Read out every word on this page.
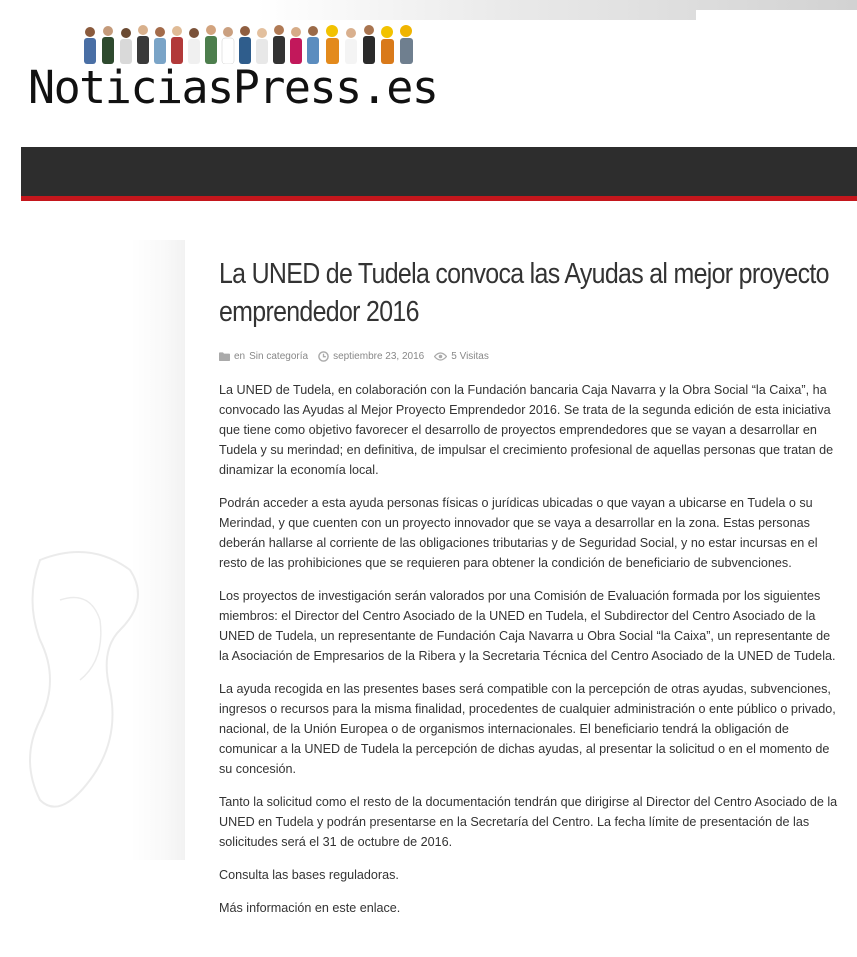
NoticiasPress.es
La UNED de Tudela convoca las Ayudas al mejor proyecto emprendedor 2016
en Sin categoría	septiembre 23, 2016	5 Visitas

La UNED de Tudela, en colaboración con la Fundación bancaria Caja Navarra y la Obra Social “la Caixa”, ha convocado las Ayudas al Mejor Proyecto Emprendedor 2016. Se trata de la segunda edición de esta iniciativa que tiene como objetivo favorecer el desarrollo de proyectos emprendedores que se vayan a desarrollar en Tudela y su merindad; en definitiva, de impulsar el crecimiento profesional de aquellas personas que tratan de dinamizar la economía local.

Podrán acceder a esta ayuda personas físicas o jurídicas ubicadas o que vayan a ubicarse en Tudela o su Merindad, y que cuenten con un proyecto innovador que se vaya a desarrollar en la zona. Estas personas deberán hallarse al corriente de las obligaciones tributarias y de Seguridad Social, y no estar incursas en el resto de las prohibiciones que se requieren para obtener la condición de beneficiario de subvenciones.

Los proyectos de investigación serán valorados por una Comisión de Evaluación formada por los siguientes miembros: el Director del Centro Asociado de la UNED en Tudela, el Subdirector del Centro Asociado de la UNED de Tudela, un representante de Fundación Caja Navarra u Obra Social “la Caixa”, un representante de la Asociación de Empresarios de la Ribera y la Secretaria Técnica del Centro Asociado de la UNED de Tudela.

La ayuda recogida en las presentes bases será compatible con la percepción de otras ayudas, subvenciones, ingresos o recursos para la misma finalidad, procedentes de cualquier administración o ente público o privado, nacional, de la Unión Europea o de organismos internacionales. El beneficiario tendrá la obligación de comunicar a la UNED de Tudela la percepción de dichas ayudas, al presentar la solicitud o en el momento de su concesión.

Tanto la solicitud como el resto de la documentación tendrán que dirigirse al Director del Centro Asociado de la UNED en Tudela y podrán presentarse en la Secretaría del Centro. La fecha límite de presentación de las solicitudes será el 31 de octubre de 2016.

Consulta las bases reguladoras.

Más información en este enlace.
